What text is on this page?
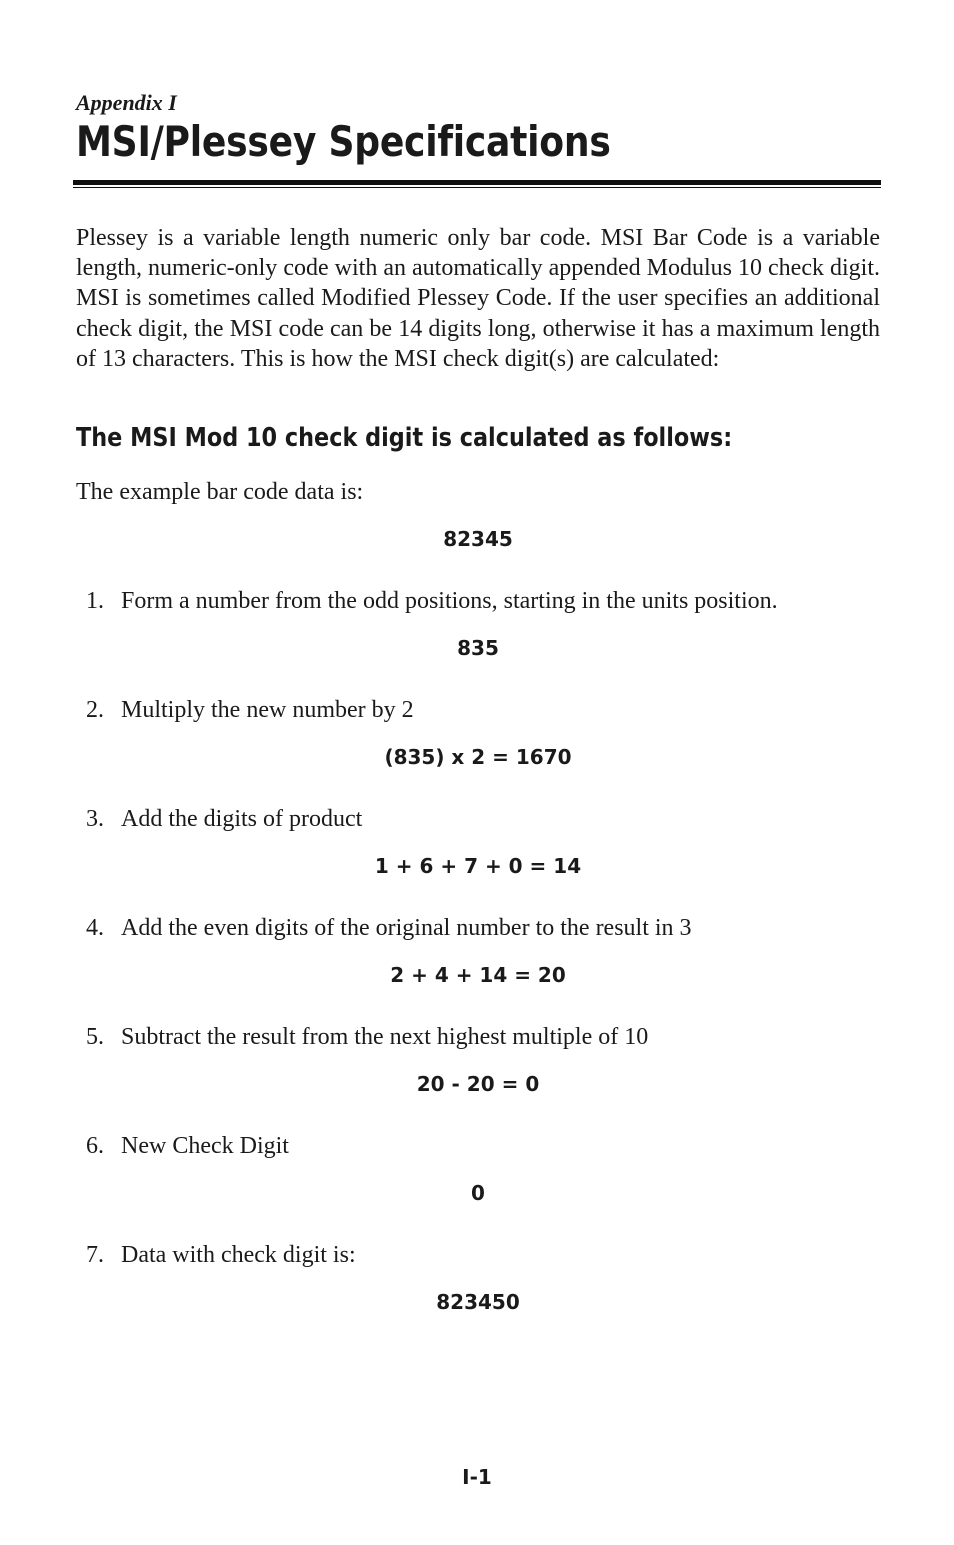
Appendix I
MSI/Plessey Specifications
Plessey is a variable length numeric only bar code. MSI Bar Code is a variable length, numeric-only code with an automatically appended Modulus 10 check digit. MSI is sometimes called Modified Plessey Code. If the user specifies an additional check digit, the MSI code can be 14 digits long, otherwise it has a maximum length of 13 characters. This is how the MSI check digit(s) are calculated:
The MSI Mod 10 check digit is calculated as follows:
The example bar code data is:
82345
1. Form a number from the odd positions, starting in the units position.
835
2. Multiply the new number by 2
(835) x 2 = 1670
3. Add the digits of product
1 + 6 + 7 + 0 = 14
4. Add the even digits of the original number to the result in 3
2 + 4 + 14 = 20
5. Subtract the result from the next highest multiple of 10
20 - 20 = 0
6. New Check Digit
0
7. Data with check digit is:
823450
I-1
